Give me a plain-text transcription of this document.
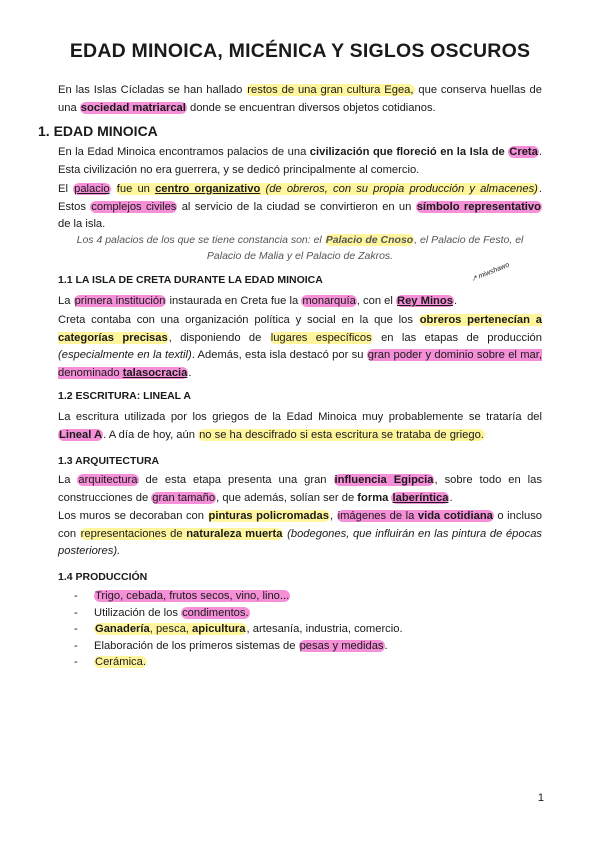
EDAD MINOICA, MICÉNICA Y SIGLOS OSCUROS

En las Islas Cícladas se han hallado restos de una gran cultura Egea, que conserva huellas de una sociedad matriarcal donde se encuentran diversos objetos cotidianos.

1. EDAD MINOICA

En la Edad Minoica encontramos palacios de una civilización que floreció en la Isla de Creta. Esta civilización no era guerrera, y se dedicó principalmente al comercio.

El palacio fue un centro organizativo (de obreros, con su propia producción y almacenes). Estos complejos civiles al servicio de la ciudad se convirtieron en un símbolo representativo de la isla.

Los 4 palacios de los que se tiene constancia son: el Palacio de Cnoso, el Palacio de Festo, el Palacio de Malia y el Palacio de Zakros.

1.1 LA ISLA DE CRETA DURANTE LA EDAD MINOICA	↗ miwshawo

La primera institución instaurada en Creta fue la monarquía, con el Rey Minos.

Creta contaba con una organización política y social en la que los obreros pertenecían a categorías precisas, disponiendo de lugares específicos en las etapas de producción (especialmente en la textil). Además, esta isla destacó por su gran poder y dominio sobre el mar, denominado talasocracia.

1.2 ESCRITURA: LINEAL A

La escritura utilizada por los griegos de la Edad Minoica muy probablemente se trataría del Lineal A. A día de hoy, aún no se ha descifrado si esta escritura se trataba de griego.

1.3 ARQUITECTURA

La arquitectura de esta etapa presenta una gran influencia Egipcia, sobre todo en las construcciones de gran tamaño, que además, solían ser de forma laberíntica.

Los muros se decoraban con pinturas policromadas, imágenes de la vida cotidiana o incluso con representaciones de naturaleza muerta (bodegones, que influirán en las pintura de épocas posteriores).

1.4 PRODUCCIÓN
- Trigo, cebada, frutos secos, vino, lino...
- Utilización de los condimentos.
- Ganadería, pesca, apicultura, artesanía, industria, comercio.
- Elaboración de los primeros sistemas de pesas y medidas.
- Cerámica.
1
